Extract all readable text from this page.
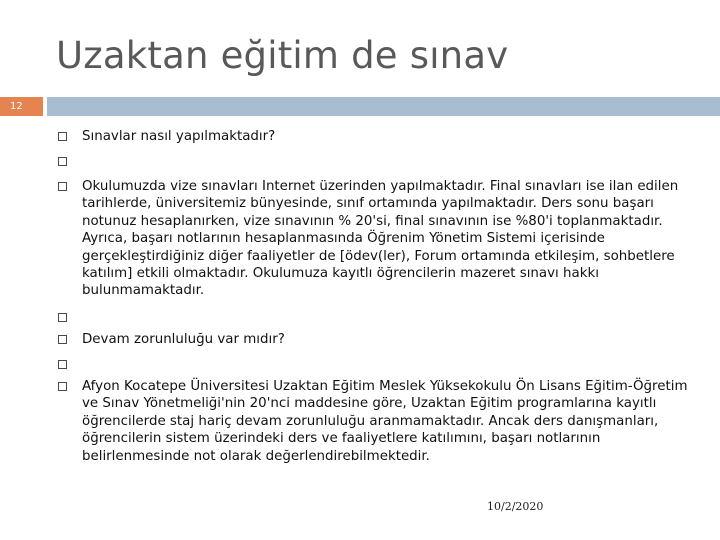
Uzaktan eğitim de sınav
12
Sınavlar nasıl yapılmaktadır?
Okulumuzda vize sınavları Internet üzerinden yapılmaktadır. Final sınavları ise ilan edilen tarihlerde, üniversitemiz bünyesinde, sınıf ortamında yapılmaktadır. Ders sonu başarı notunuz hesaplanırken, vize sınavının % 20'si, final sınavının ise %80'i toplanmaktadır. Ayrıca, başarı notlarının hesaplanmasında Öğrenim Yönetim Sistemi içerisinde gerçekleştirdiğiniz diğer faaliyetler de [ödev(ler), Forum ortamında etkileşim, sohbetlere katılım] etkili olmaktadır. Okulumuza kayıtlı öğrencilerin mazeret sınavı hakkı bulunmamaktadır.
Devam zorunluluğu var mıdır?
Afyon Kocatepe Üniversitesi Uzaktan Eğitim Meslek Yüksekokulu Ön Lisans Eğitim-Öğretim ve Sınav Yönetmeliği'nin 20'nci maddesine göre, Uzaktan Eğitim programlarına kayıtlı öğrencilerde staj hariç devam zorunluluğu aranmamaktadır. Ancak ders danışmanları, öğrencilerin sistem üzerindeki ders ve faaliyetlere katılımını, başarı notlarının belirlenmesinde not olarak değerlendirebilmektedir.
10/2/2020
